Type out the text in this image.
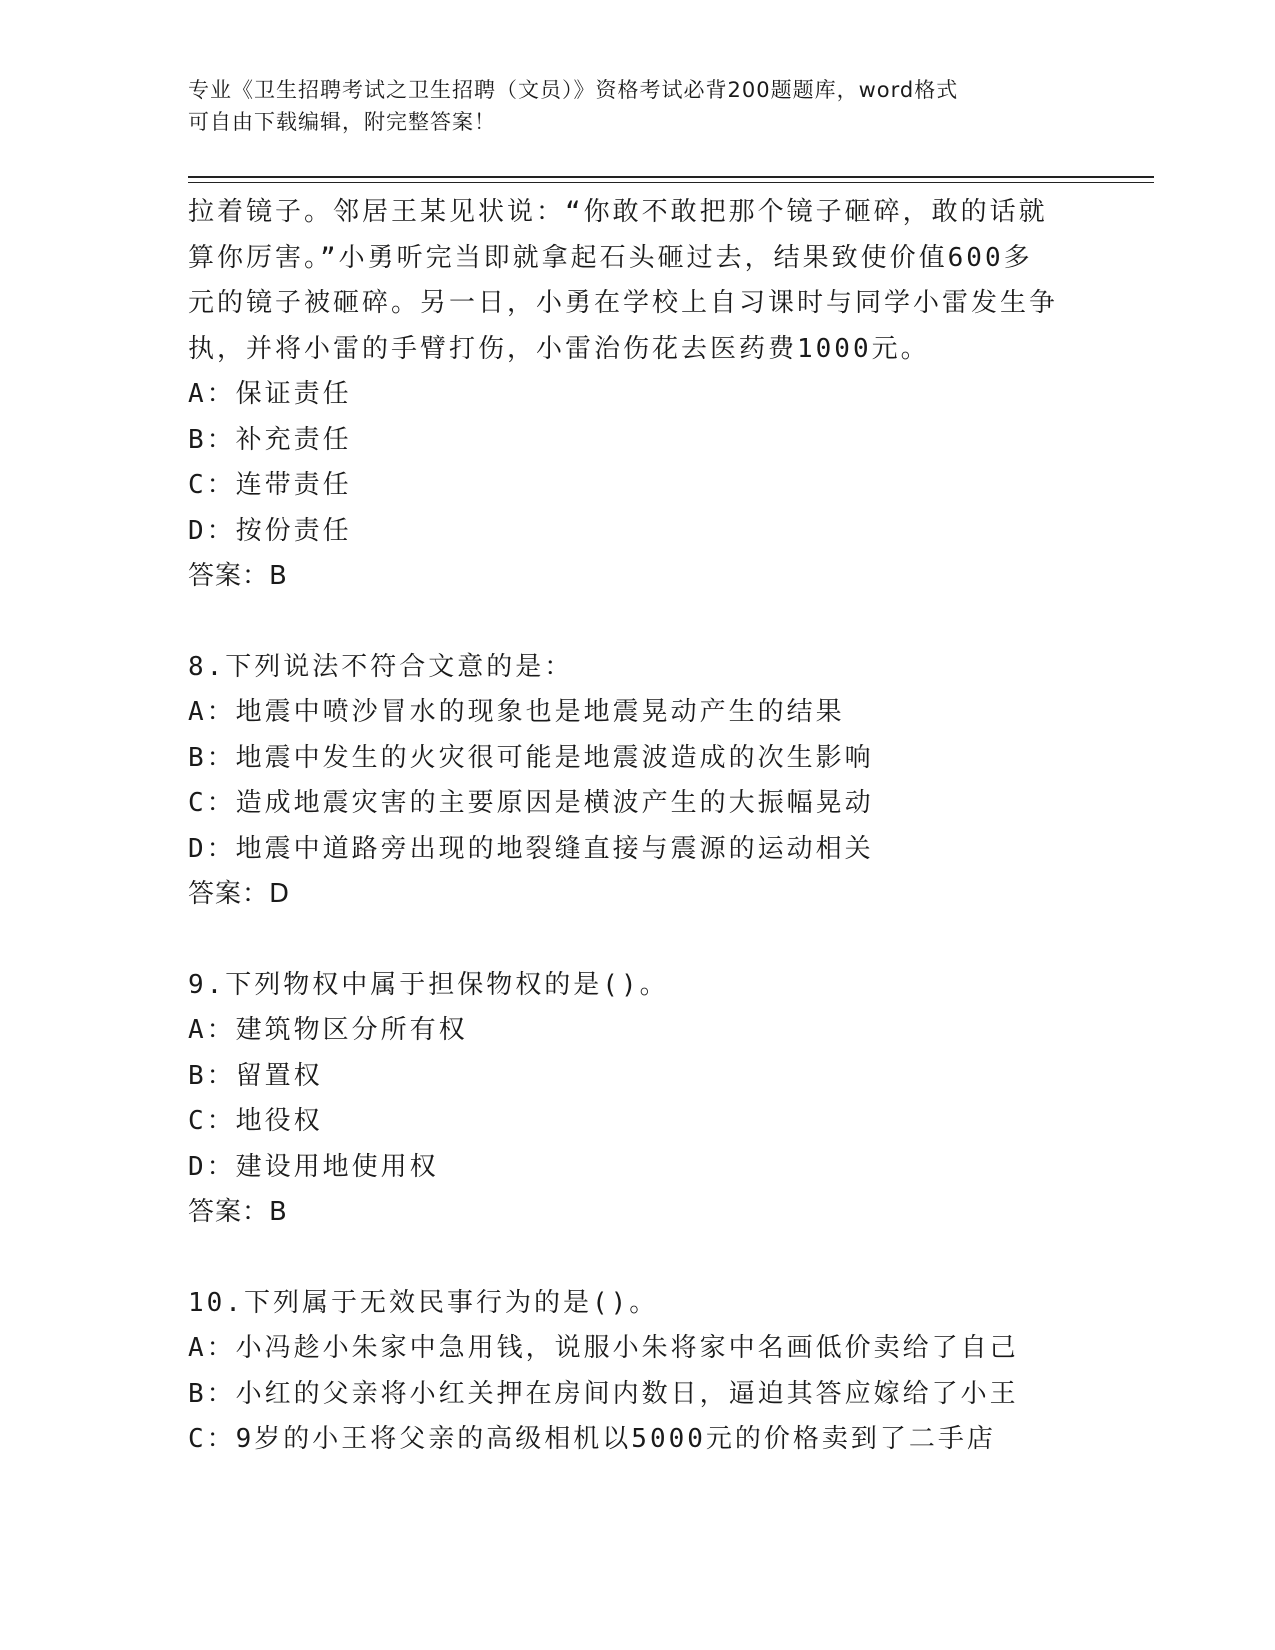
专业《卫生招聘考试之卫生招聘（文员）》资格考试必背200题题库，word格式
可自由下载编辑，附完整答案！
拉着镜子。邻居王某见状说：“你敢不敢把那个镜子砸碎，敢的话就
算你厉害。”小勇听完当即就拿起石头砸过去，结果致使价值600多
元的镜子被砸碎。另一日，小勇在学校上自习课时与同学小雷发生争
执，并将小雷的手臂打伤，小雷治伤花去医药费1000元。
A：保证责任
B：补充责任
C：连带责任
D：按份责任
答案：B
8.下列说法不符合文意的是：
A：地震中喷沙冒水的现象也是地震晃动产生的结果
B：地震中发生的火灾很可能是地震波造成的次生影响
C：造成地震灾害的主要原因是横波产生的大振幅晃动
D：地震中道路旁出现的地裂缝直接与震源的运动相关
答案：D
9.下列物权中属于担保物权的是()。
A：建筑物区分所有权
B：留置权
C：地役权
D：建设用地使用权
答案：B
10.下列属于无效民事行为的是()。
A：小冯趁小朱家中急用钱，说服小朱将家中名画低价卖给了自己
B：小红的父亲将小红关押在房间内数日，逼迫其答应嫁给了小王
C：9岁的小王将父亲的高级相机以5000元的价格卖到了二手店
